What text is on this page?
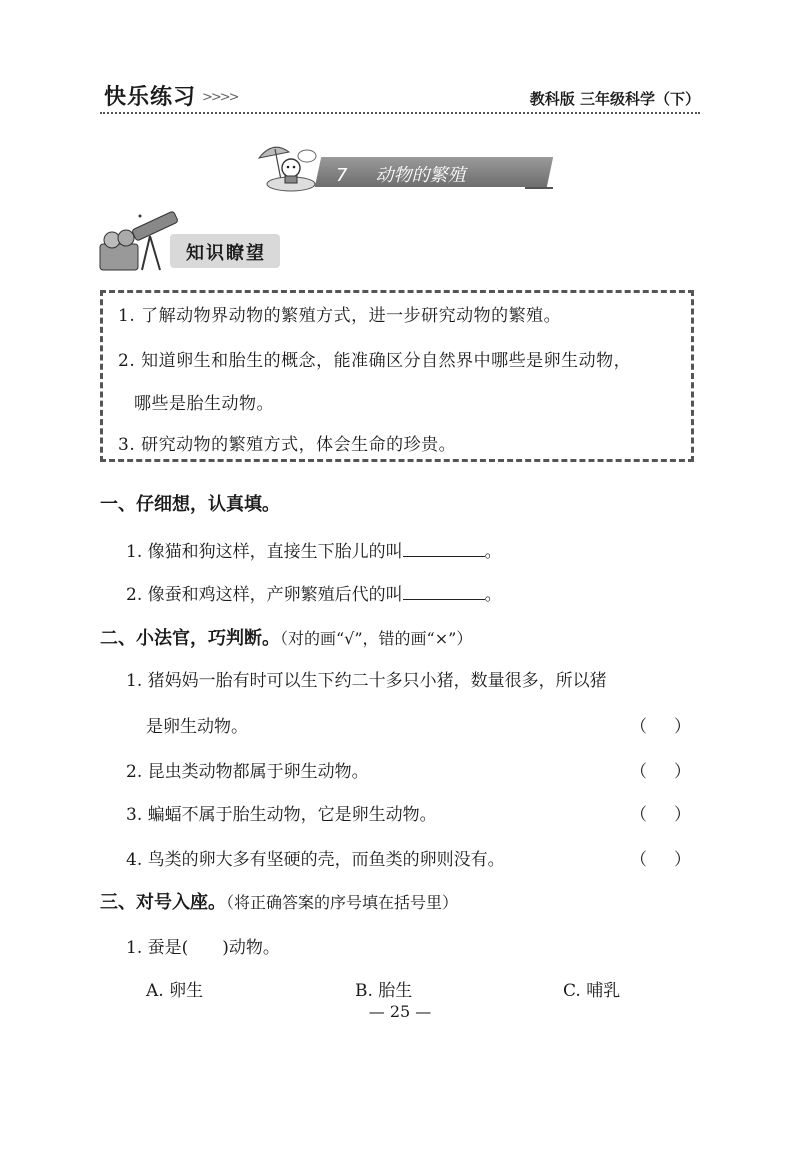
快乐练习 >>>>	教科版 三年级科学（下）
7 动物的繁殖
知识瞭望
1. 了解动物界动物的繁殖方式，进一步研究动物的繁殖。
2. 知道卵生和胎生的概念，能准确区分自然界中哪些是卵生动物，
哪些是胎生动物。
3. 研究动物的繁殖方式，体会生命的珍贵。
一、仔细想，认真填。
1. 像猫和狗这样，直接生下胎儿的叫	。
2. 像蚕和鸡这样，产卵繁殖后代的叫	。
二、小法官，巧判断。（对的画“√”，错的画“×”）
1. 猪妈妈一胎有时可以生下约二十多只小猪，数量很多，所以猪
是卵生动物。	（ ）
2. 昆虫类动物都属于卵生动物。	（ ）
3. 蝙蝠不属于胎生动物，它是卵生动物。	（ ）
4. 鸟类的卵大多有坚硬的壳，而鱼类的卵则没有。	（ ）
三、对号入座。（将正确答案的序号填在括号里）
1. 蚕是(　　)动物。
A. 卵生	B. 胎生	C. 哺乳
— 25 —
